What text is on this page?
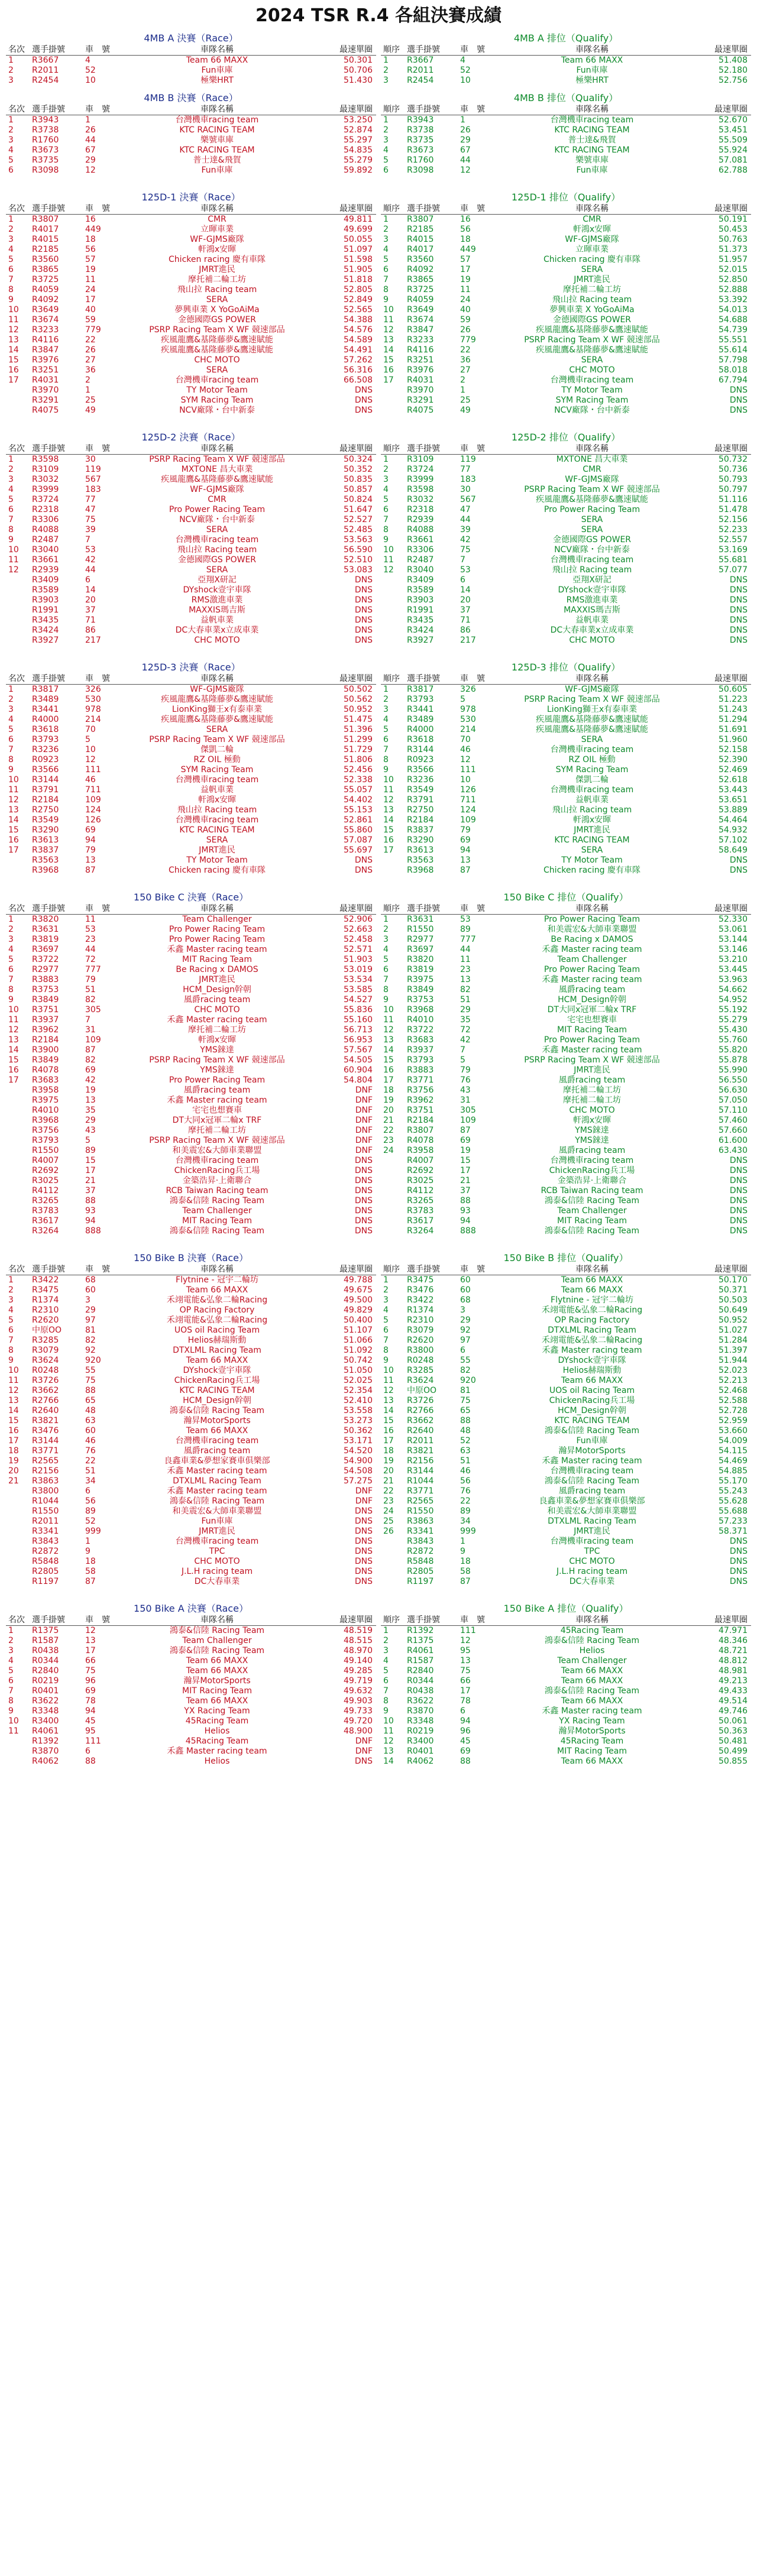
2024 TSR R.4 各組決賽成績
4MB A 決賽（Race）
名次 選手掛號	車　號	車隊名稱	最速單圈
1	R3667	4	Team 66 MAXX	50.301
2	R2011	52	Fun車庫	50.706
3	R2454	10	極樂HRT	51.430
4MB A 排位（Qualify）
順序 選手掛號	車　號	車隊名稱	最速單圈
1	R3667	4	Team 66 MAXX	51.408
2	R2011	52	Fun車庫	52.180
3	R2454	10	極樂HRT	52.756
4MB B 決賽（Race）
名次 選手掛號	車　號	車隊名稱	最速單圈
1	R3943	1	台灣機車racing team	53.250
2	R3738	26	KTC RACING TEAM	52.874
3	R1760	44	樂號車庫	55.297
4	R3673	67	KTC RACING TEAM	54.835
5	R3735	29	普士達&飛賀	55.279
6	R3098	12	Fun車庫	59.892
4MB B 排位（Qualify）
順序 選手掛號	車　號	車隊名稱	最速單圈
1	R3943	1	台灣機車racing team	52.670
2	R3738	26	KTC RACING TEAM	53.451
3	R3735	29	普士達&飛賀	55.509
4	R3673	67	KTC RACING TEAM	55.924
5	R1760	44	樂號車庫	57.081
6	R3098	12	Fun車庫	62.788
125D-1 決賽（Race）
名次 選手掛號	車　號	車隊名稱	最速單圈
1	R3807	16	CMR	49.811
2	R4017	449	立暉車業	49.699
3	R4015	18	WF-GJMS廠隊	50.055
4	R2185	56	軒鴻x安暉	51.097
5	R3560	57	Chicken racing 慶有車隊	51.598
6	R3865	19	JMRT進民	51.905
7	R3725	11	摩托補二輪工坊	51.818
8	R4059	24	飛山拉 Racing team	52.805
9	R4092	17	SERA	52.849
10	R3649	40	夢興車業 X YoGoAiMa	52.565
11	R3674	59	金德國際GS POWER	54.388
12	R3233	779	PSRP Racing Team X WF 競速部品	54.576
13	R4116	22	疾風龍鷹&基隆藤夢&鷹速賦能	54.589
14	R3847	26	疾風龍鷹&基隆藤夢&鷹速賦能	54.491
15	R3976	27	CHC MOTO	57.262
16	R3251	36	SERA	56.316
17	R4031	2	台灣機車racing team	66.508
R3970	1	TY Motor Team	DNS
R3291	25	SYM Racing Team	DNS
R4075	49	NCV廠隊・台中新泰	DNS
125D-1 排位（Qualify）
順序 選手掛號	車　號	車隊名稱	最速單圈
1	R3807	16	CMR	50.191
2	R2185	56	軒鴻x安暉	50.453
3	R4015	18	WF-GJMS廠隊	50.763
4	R4017	449	立暉車業	51.373
5	R3560	57	Chicken racing 慶有車隊	51.957
6	R4092	17	SERA	52.015
7	R3865	19	JMRT進民	52.850
8	R3725	11	摩托補二輪工坊	52.888
9	R4059	24	飛山拉 Racing team	53.392
10	R3649	40	夢興車業 X YoGoAiMa	54.013
11	R3674	59	金德國際GS POWER	54.688
12	R3847	26	疾風龍鷹&基隆藤夢&鷹速賦能	54.739
13	R3233	779	PSRP Racing Team X WF 競速部品	55.551
14	R4116	22	疾風龍鷹&基隆藤夢&鷹速賦能	55.614
15	R3251	36	SERA	57.798
16	R3976	27	CHC MOTO	58.018
17	R4031	2	台灣機車racing team	67.794
R3970	1	TY Motor Team	DNS
R3291	25	SYM Racing Team	DNS
R4075	49	NCV廠隊・台中新泰	DNS
125D-2 決賽（Race）
名次 選手掛號	車　號	車隊名稱	最速單圈
1	R3598	30	PSRP Racing Team X WF 競速部品	50.324
2	R3109	119	MXTONE 昌大車業	50.352
3	R3032	567	疾風龍鷹&基隆藤夢&鷹速賦能	50.835
4	R3999	183	WF-GJMS廠隊	50.857
5	R3724	77	CMR	50.824
6	R2318	47	Pro Power Racing Team	51.647
7	R3306	75	NCV廠隊・台中新泰	52.527
8	R4088	39	SERA	52.485
9	R2487	7	台灣機車racing team	53.563
10	R3040	53	飛山拉 Racing team	56.590
11	R3661	42	金德國際GS POWER	52.510
12	R2939	44	SERA	53.083
R3409	6	亞翔X研記	DNS
R3589	14	DYshock壹宇車隊	DNS
R3903	20	RMS激進車業	DNS
R1991	37	MAXXIS瑪吉斯	DNS
R3435	71	益帆車業	DNS
R3424	86	DC大春車業x立成車業	DNS
R3927	217	CHC MOTO	DNS
125D-2 排位（Qualify）
順序 選手掛號	車　號	車隊名稱	最速單圈
1	R3109	119	MXTONE 昌大車業	50.732
2	R3724	77	CMR	50.736
3	R3999	183	WF-GJMS廠隊	50.793
4	R3598	30	PSRP Racing Team X WF 競速部品	50.797
5	R3032	567	疾風龍鷹&基隆藤夢&鷹速賦能	51.116
6	R2318	47	Pro Power Racing Team	51.478
7	R2939	44	SERA	52.156
8	R4088	39	SERA	52.233
9	R3661	42	金德國際GS POWER	52.557
10	R3306	75	NCV廠隊・台中新泰	53.169
11	R2487	7	台灣機車racing team	55.681
12	R3040	53	飛山拉 Racing team	57.077
R3409	6	亞翔X研記	DNS
R3589	14	DYshock壹宇車隊	DNS
R3903	20	RMS激進車業	DNS
R1991	37	MAXXIS瑪吉斯	DNS
R3435	71	益帆車業	DNS
R3424	86	DC大春車業x立成車業	DNS
R3927	217	CHC MOTO	DNS
125D-3 決賽（Race）
名次 選手掛號	車　號	車隊名稱	最速單圈
1	R3817	326	WF-GJMS廠隊	50.502
2	R3489	530	疾風龍鷹&基隆藤夢&鷹速賦能	50.562
3	R3441	978	LionKing獅王x有泰車業	50.952
4	R4000	214	疾風龍鷹&基隆藤夢&鷹速賦能	51.475
5	R3618	70	SERA	51.396
6	R3793	5	PSRP Racing Team X WF 競速部品	51.299
7	R3236	10	傑凱二輪	51.729
8	R0923	12	RZ OIL 極動	51.806
9	R3566	111	SYM Racing Team	52.456
10	R3144	46	台灣機車racing team	52.338
11	R3791	711	益帆車業	55.057
12	R2184	109	軒鴻x安暉	54.402
13	R2750	124	飛山拉 Racing team	55.153
14	R3549	126	台灣機車racing team	52.861
15	R3290	69	KTC RACING TEAM	55.860
16	R3613	94	SERA	57.087
17	R3837	79	JMRT進民	55.697
R3563	13	TY Motor Team	DNS
R3968	87	Chicken racing 慶有車隊	DNS
125D-3 排位（Qualify）
順序 選手掛號	車　號	車隊名稱	最速單圈
1	R3817	326	WF-GJMS廠隊	50.605
2	R3793	5	PSRP Racing Team X WF 競速部品	51.223
3	R3441	978	LionKing獅王x有泰車業	51.243
4	R3489	530	疾風龍鷹&基隆藤夢&鷹速賦能	51.294
5	R4000	214	疾風龍鷹&基隆藤夢&鷹速賦能	51.691
6	R3618	70	SERA	51.960
7	R3144	46	台灣機車racing team	52.158
8	R0923	12	RZ OIL 極動	52.390
9	R3566	111	SYM Racing Team	52.469
10	R3236	10	傑凱二輪	52.618
11	R3549	126	台灣機車racing team	53.443
12	R3791	711	益帆車業	53.651
13	R2750	124	飛山拉 Racing team	53.889
14	R2184	109	軒鴻x安暉	54.464
15	R3837	79	JMRT進民	54.932
16	R3290	69	KTC RACING TEAM	57.102
17	R3613	94	SERA	58.649
R3563	13	TY Motor Team	DNS
R3968	87	Chicken racing 慶有車隊	DNS
150 Bike C 決賽（Race）
名次 選手掛號	車　號	車隊名稱	最速單圈
1	R3820	11	Team Challenger	52.906
2	R3631	53	Pro Power Racing Team	52.663
3	R3819	23	Pro Power Racing Team	52.458
4	R3697	44	禾鑫 Master racing team	52.571
5	R3722	72	MIT Racing Team	51.903
6	R2977	777	Be Racing x DAMOS	53.019
7	R3883	79	JMRT進民	53.534
8	R3753	51	HCM_Design幹朝	53.585
9	R3849	82	風爵racing team	54.527
10	R3751	305	CHC MOTO	55.836
11	R3937	7	禾鑫 Master racing team	55.160
12	R3962	31	摩托補二輪工坊	56.713
13	R2184	109	軒鴻x安暉	56.953
14	R3900	87	YMS錸達	57.567
15	R3849	82	PSRP Racing Team X WF 競速部品	54.505
16	R4078	69	YMS錸達	60.904
17	R3683	42	Pro Power Racing Team	54.804
R3958	19	風爵racing team	DNF
R3975	13	禾鑫 Master racing team	DNF
R4010	35	宅宅也想賽車	DNF
R3968	29	DT大同x冠軍二輪x TRF	DNF
R3756	43	摩托補二輪工坊	DNF
R3793	5	PSRP Racing Team X WF 競速部品	DNF
R1550	89	和美震宏&大師車業聯盟	DNF
R4007	15	台灣機車racing team	DNS
R2692	17	ChickenRacing兵工場	DNS
R3025	21	金築浩昇·上衛聯合	DNS
R4112	37	RCB Taiwan Racing team	DNS
R3265	88	鴻泰&信陸 Racing Team	DNS
R3783	93	Team Challenger	DNS
R3617	94	MIT Racing Team	DNS
R3264	888	鴻泰&信陸 Racing Team	DNS
150 Bike C 排位（Qualify）
順序 選手掛號	車　號	車隊名稱	最速單圈
1	R3631	53	Pro Power Racing Team	52.330
2	R1550	89	和美震宏&大師車業聯盟	53.061
3	R2977	777	Be Racing x DAMOS	53.144
4	R3697	44	禾鑫 Master racing team	53.146
5	R3820	11	Team Challenger	53.210
6	R3819	23	Pro Power Racing Team	53.445
7	R3975	13	禾鑫 Master racing team	53.963
8	R3849	82	風爵racing team	54.662
9	R3753	51	HCM_Design幹朝	54.952
10	R3968	29	DT大同x冠軍二輪x TRF	55.192
11	R4010	35	宅宅也想賽車	55.279
12	R3722	72	MIT Racing Team	55.430
13	R3683	42	Pro Power Racing Team	55.760
14	R3937	7	禾鑫 Master racing team	55.820
15	R3793	5	PSRP Racing Team X WF 競速部品	55.878
16	R3883	79	JMRT進民	55.990
17	R3771	76	風爵racing team	56.550
18	R3756	43	摩托補二輪工坊	56.630
19	R3962	31	摩托補二輪工坊	57.050
20	R3751	305	CHC MOTO	57.110
21	R2184	109	軒鴻x安暉	57.460
22	R3807	87	YMS錸達	57.660
23	R4078	69	YMS錸達	61.600
24	R3958	19	風爵racing team	63.430
R4007	15	台灣機車racing team	DNS
R2692	17	ChickenRacing兵工場	DNS
R3025	21	金築浩昇·上衛聯合	DNS
R4112	37	RCB Taiwan Racing team	DNS
R3265	88	鴻泰&信陸 Racing Team	DNS
R3783	93	Team Challenger	DNS
R3617	94	MIT Racing Team	DNS
R3264	888	鴻泰&信陸 Racing Team	DNS
150 Bike B 決賽（Race）
名次 選手掛號	車　號	車隊名稱	最速單圈
1	R3422	68	Flytnine - 冠宇二輪坊	49.788
2	R3475	60	Team 66 MAXX	49.675
3	R1374	3	禾翊電能&弘象二輪Racing	49.500
4	R2310	29	OP Racing Factory	49.829
5	R2620	97	禾翊電能&弘象二輪Racing	50.400
6	中原OO	81	UOS oil Racing Team	51.107
7	R3285	82	Helios赫瑞斯動	51.066
8	R3079	92	DTXLML Racing Team	51.092
9	R3624	920	Team 66 MAXX	50.742
10	R0248	55	DYshock壹宇車隊	51.050
11	R3726	75	ChickenRacing兵工場	52.025
12	R3662	88	KTC RACING TEAM	52.354
13	R2766	65	HCM_Design幹朝	52.410
14	R2640	48	鴻泰&信陸 Racing Team	53.558
15	R3821	63	瀚昇MotorSports	53.273
16	R3476	60	Team 66 MAXX	50.362
17	R3144	46	台灣機車racing team	53.171
18	R3771	76	風爵racing team	54.520
19	R2565	22	良鑫車業&夢想家賽車俱樂部	54.900
20	R2156	51	禾鑫 Master racing team	54.508
21	R3863	34	DTXLML Racing Team	57.275
R3800	6	禾鑫 Master racing team	DNF
R1044	56	鴻泰&信陸 Racing Team	DNF
R1550	89	和美震宏&大師車業聯盟	DNS
R2011	52	Fun車庫	DNS
R3341	999	JMRT進民	DNS
R3843	1	台灣機車racing team	DNS
R2872	9	TPC	DNS
R5848	18	CHC MOTO	DNS
R2805	58	J.L.H racing team	DNS
R1197	87	DC大春車業	DNS
150 Bike B 排位（Qualify）
順序 選手掛號	車　號	車隊名稱	最速單圈
1	R3475	60	Team 66 MAXX	50.170
2	R3476	60	Team 66 MAXX	50.371
3	R3422	68	Flytnine - 冠宇二輪坊	50.503
4	R1374	3	禾翊電能&弘象二輪Racing	50.649
5	R2310	29	OP Racing Factory	50.952
6	R3079	92	DTXLML Racing Team	51.027
7	R2620	97	禾翊電能&弘象二輪Racing	51.284
8	R3800	6	禾鑫 Master racing team	51.397
9	R0248	55	DYshock壹宇車隊	51.944
10	R3285	82	Helios赫瑞斯動	52.023
11	R3624	920	Team 66 MAXX	52.213
12	中原OO	81	UOS oil Racing Team	52.468
13	R3726	75	ChickenRacing兵工場	52.588
14	R2766	65	HCM_Design幹朝	52.728
15	R3662	88	KTC RACING TEAM	52.959
16	R2640	48	鴻泰&信陸 Racing Team	53.660
17	R2011	52	Fun車庫	54.009
18	R3821	63	瀚昇MotorSports	54.115
19	R2156	51	禾鑫 Master racing team	54.469
20	R3144	46	台灣機車racing team	54.885
21	R1044	56	鴻泰&信陸 Racing Team	55.170
22	R3771	76	風爵racing team	55.243
23	R2565	22	良鑫車業&夢想家賽車俱樂部	55.628
24	R1550	89	和美震宏&大師車業聯盟	55.688
25	R3863	34	DTXLML Racing Team	57.233
26	R3341	999	JMRT進民	58.371
R3843	1	台灣機車racing team	DNS
R2872	9	TPC	DNS
R5848	18	CHC MOTO	DNS
R2805	58	J.L.H racing team	DNS
R1197	87	DC大春車業	DNS
150 Bike A 決賽（Race）
名次 選手掛號	車　號	車隊名稱	最速單圈
1	R1375	12	鴻泰&信陸 Racing Team	48.519
2	R1587	13	Team Challenger	48.515
3	R0438	17	鴻泰&信陸 Racing Team	48.970
4	R0344	66	Team 66 MAXX	49.140
5	R2840	75	Team 66 MAXX	49.285
6	R0219	96	瀚昇MotorSports	49.719
7	R0401	69	MIT Racing Team	49.632
8	R3622	78	Team 66 MAXX	49.903
9	R3348	94	YX Racing Team	49.733
10	R3400	45	45Racing Team	49.720
11	R4061	95	Helios	48.900
R1392	111	45Racing Team	DNF
R3870	6	禾鑫 Master racing team	DNF
R4062	88	Helios	DNS
150 Bike A 排位（Qualify）
順序 選手掛號	車　號	車隊名稱	最速單圈
1	R1392	111	45Racing Team	47.971
2	R1375	12	鴻泰&信陸 Racing Team	48.346
3	R4061	95	Helios	48.721
4	R1587	13	Team Challenger	48.812
5	R2840	75	Team 66 MAXX	48.981
6	R0344	66	Team 66 MAXX	49.213
7	R0438	17	鴻泰&信陸 Racing Team	49.433
8	R3622	78	Team 66 MAXX	49.514
9	R3870	6	禾鑫 Master racing team	49.746
10	R3348	94	YX Racing Team	50.061
11	R0219	96	瀚昇MotorSports	50.363
12	R3400	45	45Racing Team	50.481
13	R0401	69	MIT Racing Team	50.499
14	R4062	88	Team 66 MAXX	50.855
